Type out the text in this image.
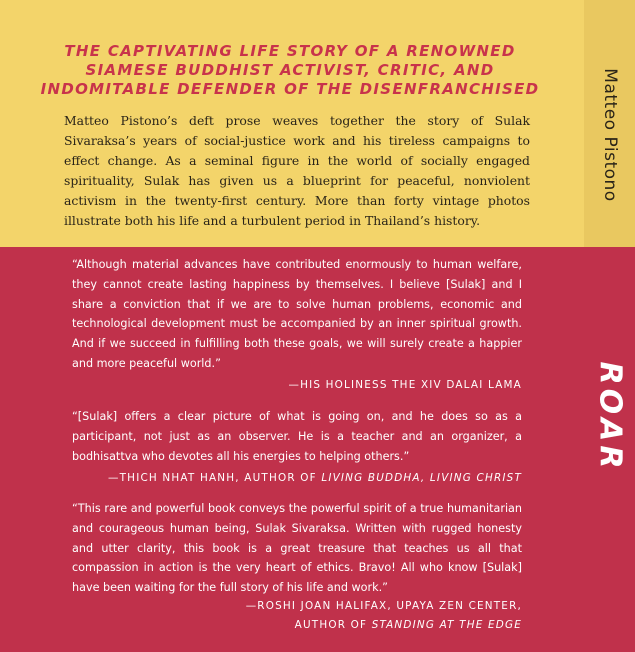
THE CAPTIVATING LIFE STORY OF A RENOWNED
SIAMESE BUDDHIST ACTIVIST, CRITIC, AND
INDOMITABLE DEFENDER OF THE DISENFRANCHISED
Matteo Pistono’s deft prose weaves together the story of Sulak Sivaraksa’s years of social-justice work and his tireless campaigns to effect change. As a seminal figure in the world of socially engaged spirituality, Sulak has given us a blueprint for peaceful, nonviolent activism in the twenty-first century. More than forty vintage photos illustrate both his life and a turbulent period in Thailand’s history.
“Although material advances have contributed enormously to human welfare, they cannot create lasting happiness by themselves. I believe [Sulak] and I share a conviction that if we are to solve human problems, economic and technological development must be accompanied by an inner spiritual growth. And if we succeed in fulfilling both these goals, we will surely create a happier and more peaceful world.”
—HIS HOLINESS THE XIV DALAI LAMA
“[Sulak] offers a clear picture of what is going on, and he does so as a participant, not just as an observer. He is a teacher and an organizer, a bodhisattva who devotes all his energies to helping others.”
—THICH NHAT HANH, AUTHOR OF LIVING BUDDHA, LIVING CHRIST
“This rare and powerful book conveys the powerful spirit of a true humanitarian and courageous human being, Sulak Sivaraksa. Written with rugged honesty and utter clarity, this book is a great treasure that teaches us all that compassion in action is the very heart of ethics. Bravo! All who know [Sulak] have been waiting for the full story of his life and work.”
—ROSHI JOAN HALIFAX, UPAYA ZEN CENTER,
AUTHOR OF STANDING AT THE EDGE
Matteo Pistono
ROAR
